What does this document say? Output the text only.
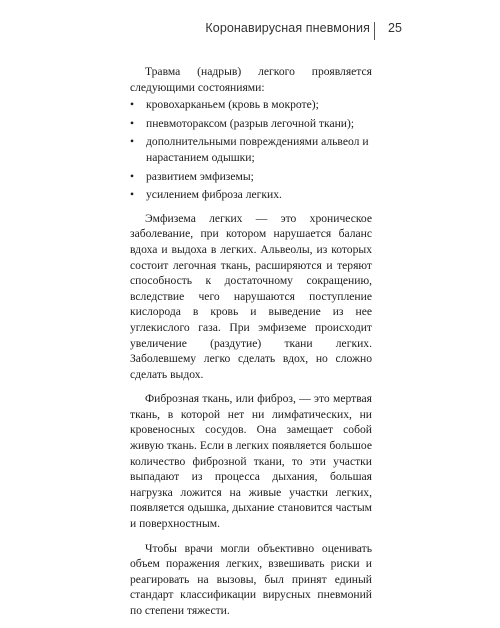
Коронавирусная пневмония 25

Травма (надрыв) легкого проявляется следующими состояниями:

• кровохарканьем (кровь в мокроте);
• пневмотораксом (разрыв легочной ткани);
• дополнительными повреждениями альвеол и нарастанием одышки;
• развитием эмфиземы;
• усилением фиброза легких.

Эмфизема легких — это хроническое заболевание, при котором нарушается баланс вдоха и выдоха в легких. Альвеолы, из которых состоит легочная ткань, расширяются и теряют способность к достаточному сокращению, вследствие чего нарушаются поступление кислорода в кровь и выведение из нее углекислого газа. При эмфиземе происходит увеличение (раздутие) ткани легких. Заболевшему легко сделать вдох, но сложно сделать выдох.

Фиброзная ткань, или фиброз, — это мертвая ткань, в которой нет ни лимфатических, ни кровеносных сосудов. Она замещает собой живую ткань. Если в легких появляется большое количество фиброзной ткани, то эти участки выпадают из процесса дыхания, большая нагрузка ложится на живые участки легких, появляется одышка, дыхание становится частым и поверхностным.

Чтобы врачи могли объективно оценивать объем поражения легких, взвешивать риски и реагировать на вызовы, был принят единый стандарт классификации вирусных пневмоний по степени тяжести.
